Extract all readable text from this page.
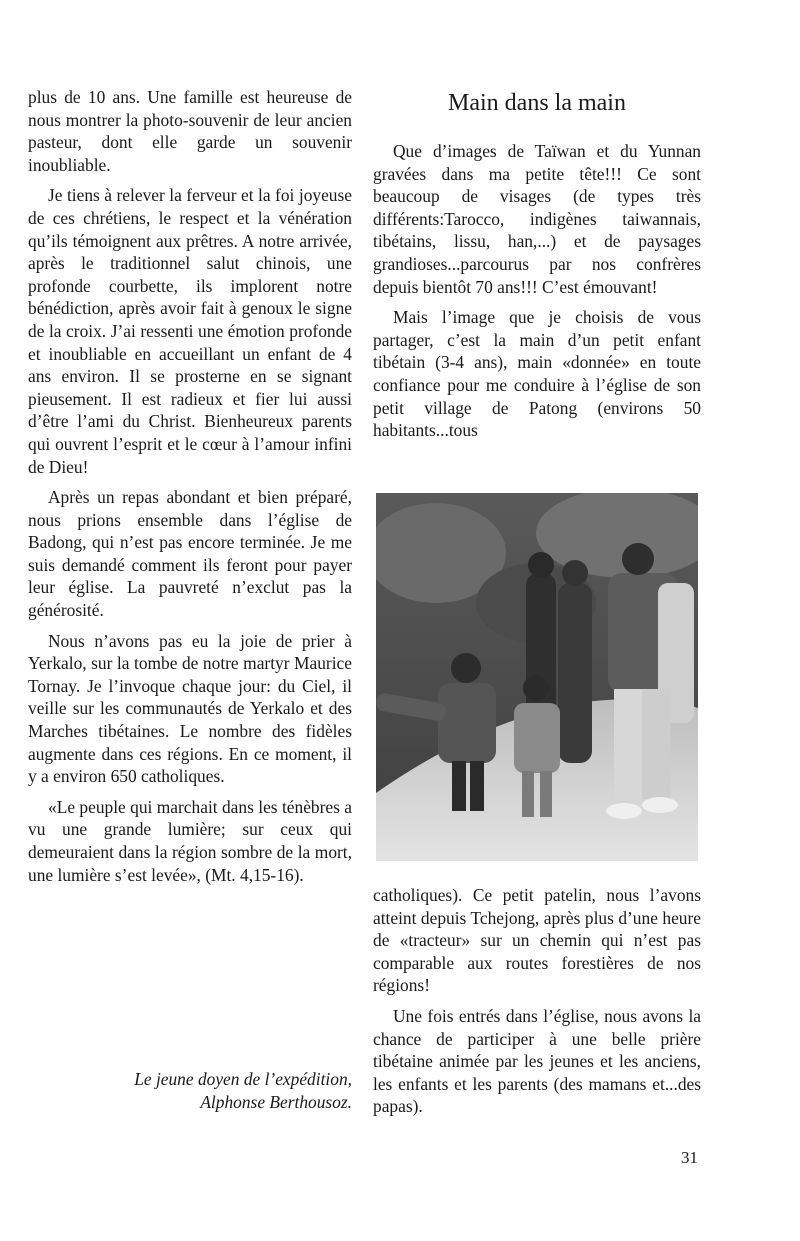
plus de 10 ans. Une famille est heureuse de nous montrer la photo-souvenir de leur ancien pasteur, dont elle garde un souvenir inoubliable.

Je tiens à relever la ferveur et la foi joyeuse de ces chrétiens, le respect et la vénération qu’ils témoignent aux prêtres. A notre arrivée, après le traditionnel salut chinois, une profonde courbette, ils implorent notre bénédiction, après avoir fait à genoux le signe de la croix. J’ai ressenti une émotion profonde et inoubliable en accueillant un enfant de 4 ans environ. Il se prosterne en se signant pieusement. Il est radieux et fier lui aussi d’être l’ami du Christ. Bienheureux parents qui ouvrent l’esprit et le cœur à l’amour infini de Dieu!

Après un repas abondant et bien préparé, nous prions ensemble dans l’église de Badong, qui n’est pas encore terminée. Je me suis demandé comment ils feront pour payer leur église. La pauvreté n’exclut pas la générosité.

Nous n’avons pas eu la joie de prier à Yerkalo, sur la tombe de notre martyr Maurice Tornay. Je l’invoque chaque jour: du Ciel, il veille sur les communautés de Yerkalo et des Marches tibétaines. Le nombre des fidèles augmente dans ces régions. En ce moment, il y a environ 650 catholiques.

«Le peuple qui marchait dans les ténèbres a vu une grande lumière; sur ceux qui demeuraient dans la région sombre de la mort, une lumière s’est levée», (Mt. 4,15-16).

Le jeune doyen de l’expédition,
Alphonse Berthousoz.
Main dans la main

Que d’images de Taïwan et du Yunnan gravées dans ma petite tête!!! Ce sont beaucoup de visages (de types très différents:Tarocco, indigènes taiwannais, tibétains, lissu, han,...) et de paysages grandioses...parcourus par nos confrères depuis bientôt 70 ans!!! C’est émouvant!

Mais l’image que je choisis de vous partager, c’est la main d’un petit enfant tibétain (3-4 ans), main «donnée» en toute confiance pour me conduire à l’église de son petit village de Patong (environs 50 habitants...tous

catholiques). Ce petit patelin, nous l’avons atteint depuis Tchejong, après plus d’une heure de «tracteur» sur un chemin qui n’est pas comparable aux routes forestières de nos régions!

Une fois entrés dans l’église, nous avons la chance de participer à une belle prière tibétaine animée par les jeunes et les anciens, les enfants et les parents (des mamans et...des papas).

31
